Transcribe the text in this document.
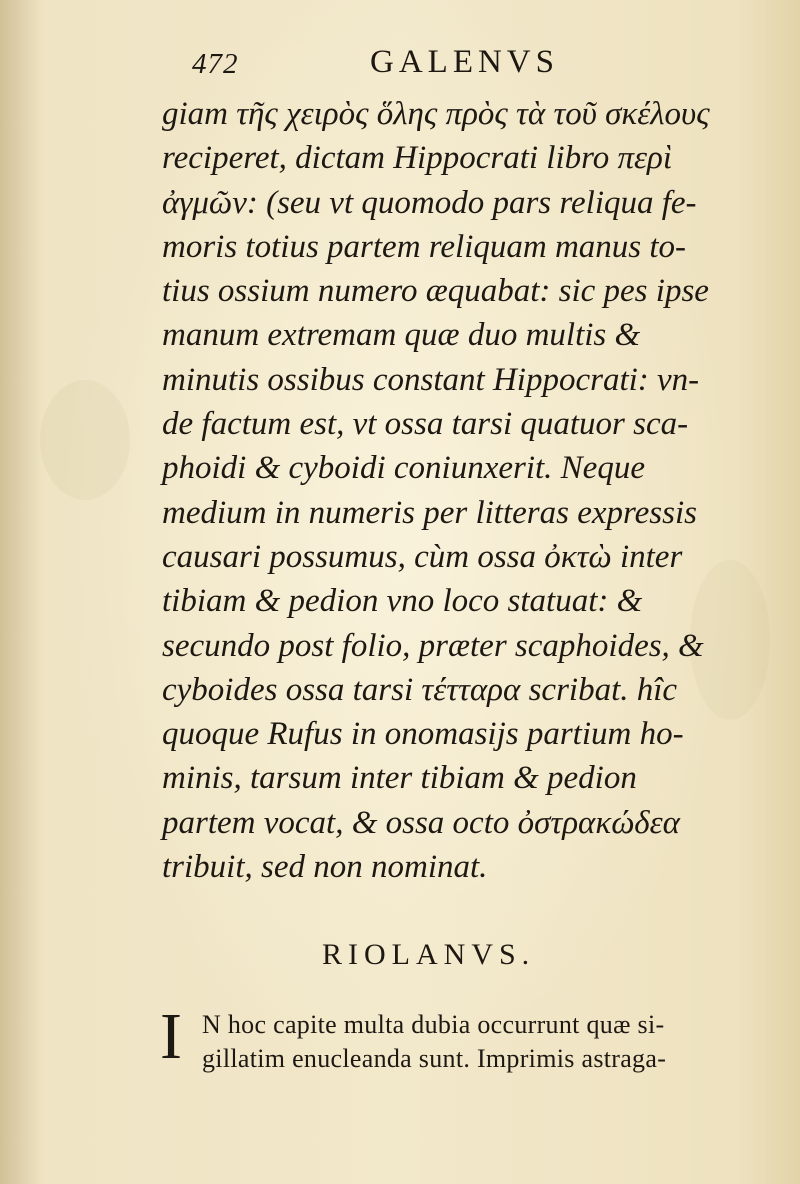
472	GALENVS
giam τῆς χειρὸς ὅλης πρὸς τὰ τοῦ σκέλους
reciperet, dictam Hippocrati libro περὶ
ἀγμῶν: (seu vt quomodo pars reliqua fe-
moris totius partem reliquam manus to-
tius ossium numero æquabat: sic pes ipse
manum extremam quæ duo multis &
minutis ossibus constant Hippocrati: vn-
de factum est, vt ossa tarsi quatuor sca-
phoidi & cyboidi coniunxerit. Neque
medium in numeris per litteras expressis
causari possumus, cùm ossa ὀκτὼ inter
tibiam & pedion vno loco statuat: &
secundo post folio, præter scaphoides, &
cyboides ossa tarsi τέτταρα scribat. hîc
quoque Rufus in onomasijs partium ho-
minis, tarsum inter tibiam & pedion
partem vocat, & ossa octo ὀστρακώδεα
tribuit, sed non nominat.
RIOLANVS.
I N hoc capite multa dubia occurrunt quæ si-
gillatim enucleanda sunt. Imprimis astraga-
